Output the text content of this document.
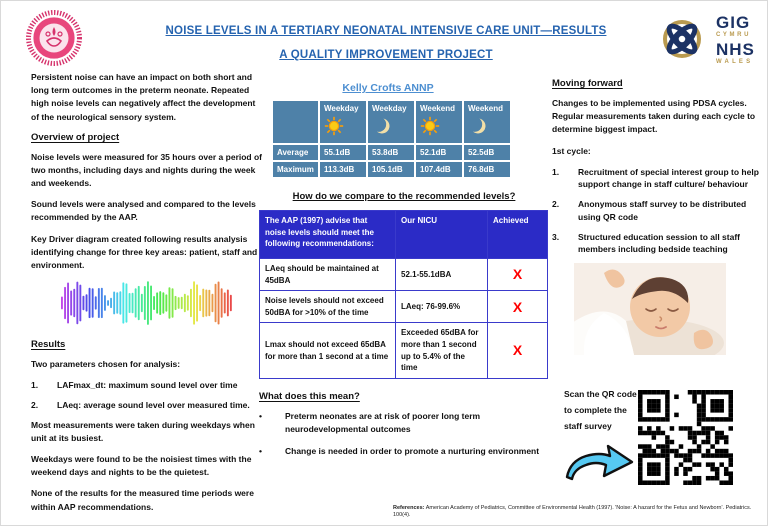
NOISE LEVELS IN A TERTIARY NEONATAL INTENSIVE CARE UNIT—RESULTS
A QUALITY IMPROVEMENT PROJECT
Kelly Crofts ANNP
GIG
CYMRU
NHS
WALES

Persistent noise can have an impact on both short and long term outcomes in the preterm neonate. Repeated high noise levels can negatively affect the development of the neurological sensory system.

Overview of project

Noise levels were measured for 35 hours over a period of two months, including days and nights during the week and weekends.

Sound levels were analysed and compared to the levels recommended by the AAP.

Key Driver diagram created following results analysis identifying change for three key areas: patient, staff and environment.

Results

Two parameters chosen for analysis:

1.	LAFmax_dt: maximum sound level over time
2.	LAeq: average sound level over measured time.

Most measurements were taken during weekdays when unit at its busiest.

Weekdays were found to be the noisiest times with the weekend days and nights to be the quietest.

None of the results for the measured time periods were within AAP recommendations.

	Weekday	Weekday	Weekend	Weekend

Average	55.1dB	53.8dB	52.1dB	52.5dB
Maximum	113.3dB	105.1dB	107.4dB	76.8dB
How do we compare to the recommended levels?
The AAP (1997) advise that noise levels should meet the following recommendations:	Our NICU	Achieved
LAeq should be maintained at 45dBA	52.1-55.1dBA	X
Noise levels should not exceed 50dBA for >10% of the time	LAeq: 76-99.6%	X
Lmax should not exceed 65dBA for more than 1 second at a time	Exceeded 65dBA for more than 1 second up to 5.4% of the time	X
What does this mean?
•
Preterm neonates are at risk of poorer long term neurodevelopmental outcomes
•
Change is needed in order to promote a nurturing environment
Moving forward

Changes to be implemented using PDSA cycles. Regular measurements taken during each cycle to determine biggest impact.

1st cycle:

1.	Recruitment of special interest group to help support change in staff culture/ behaviour
2.	Anonymous staff survey to be distributed using QR code
3.	Structured education session to all staff members including bedside teaching
Scan the QR code to complete the staff survey
References: American Academy of Pediatrics, Committee of Environmental Health (1997). 'Noise: A hazard for the Fetus and Newborn'. Pediatrics. 100(4).
